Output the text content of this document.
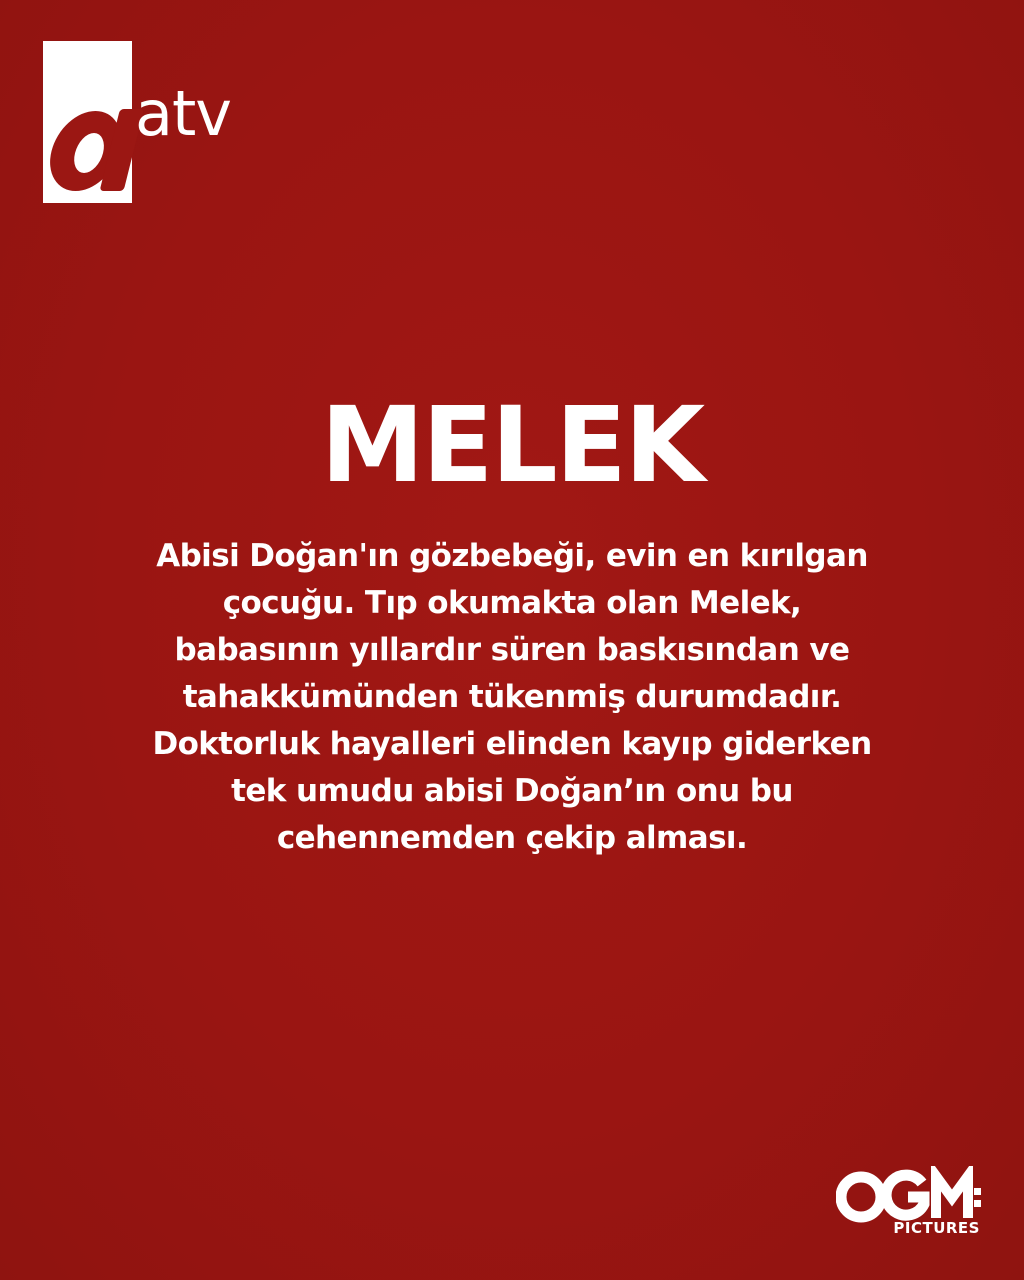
atv
MELEK
Abisi Doğan'ın gözbebeği, evin en kırılgan
çocuğu. Tıp okumakta olan Melek,
babasının yıllardır süren baskısından ve
tahakkümünden tükenmiş durumdadır.
Doktorluk hayalleri elinden kayıp giderken
tek umudu abisi Doğan’ın onu bu
cehennemden çekip alması.
PICTURES
